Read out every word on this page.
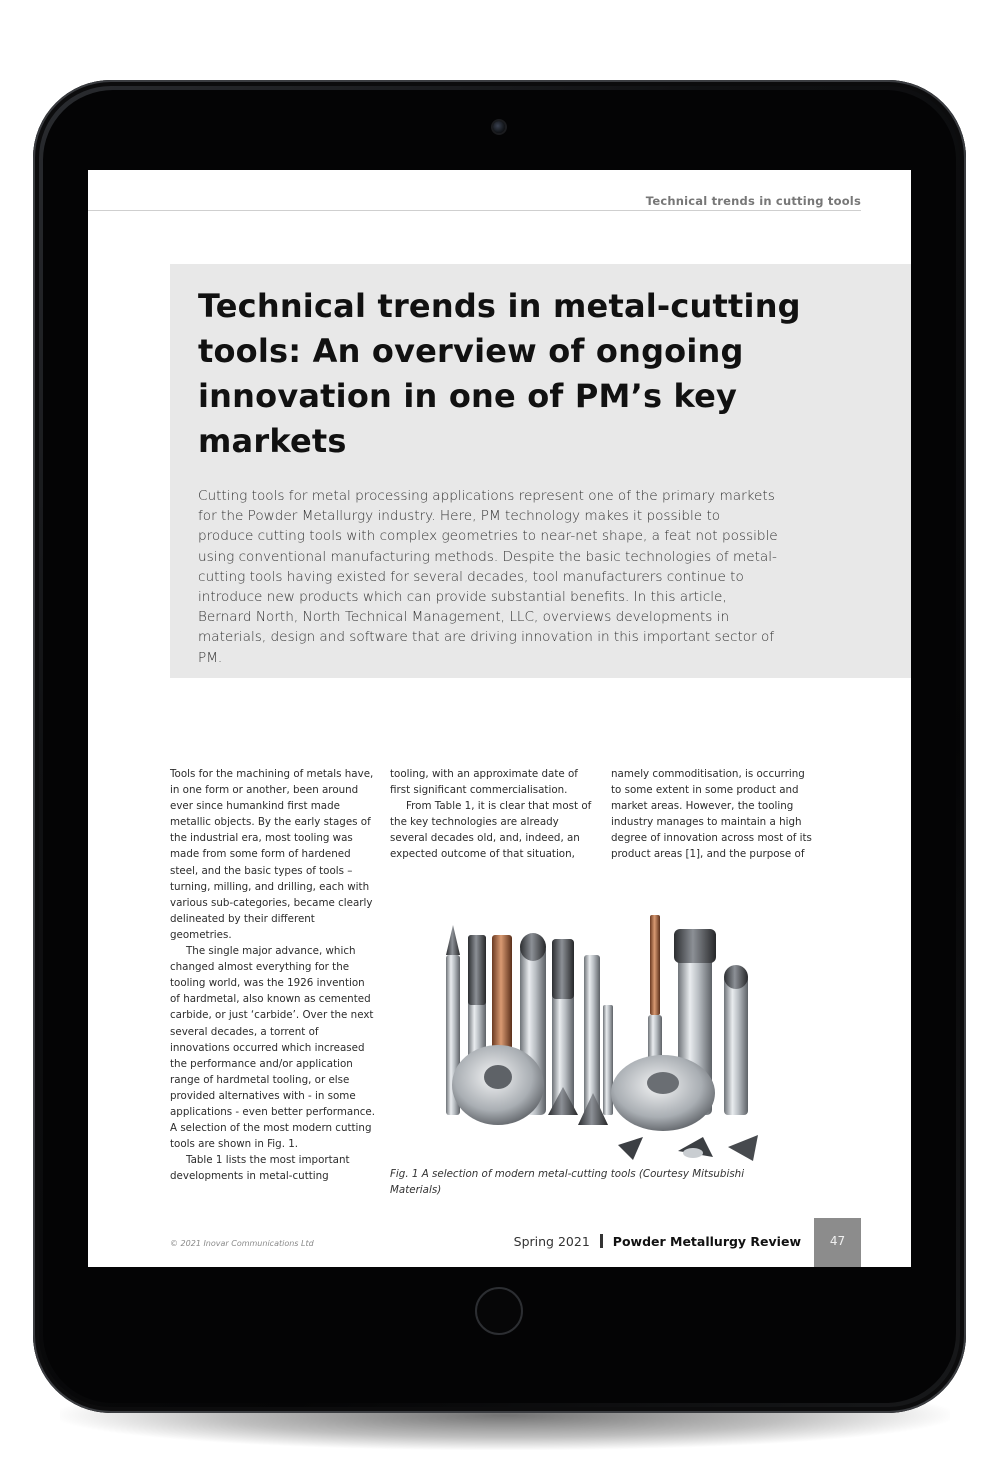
Technical trends in cutting tools
Technical trends in metal-cutting tools: An overview of ongoing innovation in one of PM’s key markets

Cutting tools for metal processing applications represent one of the primary markets for the Powder Metallurgy industry. Here, PM technology makes it possible to produce cutting tools with complex geometries to near-net shape, a feat not possible using conventional manufacturing methods. Despite the basic technologies of metal-cutting tools having existed for several decades, tool manufacturers continue to introduce new products which can provide substantial benefits. In this article, Bernard North, North Technical Management, LLC, overviews developments in materials, design and software that are driving innovation in this important sector of PM.

Tools for the machining of metals have, in one form or another, been around ever since humankind first made metallic objects. By the early stages of the industrial era, most tooling was made from some form of hardened steel, and the basic types of tools – turning, milling, and drilling, each with various sub-categories, became clearly delineated by their different geometries.

The single major advance, which changed almost everything for the tooling world, was the 1926 invention of hardmetal, also known as cemented carbide, or just ‘carbide’. Over the next several decades, a torrent of innovations occurred which increased the performance and/or application range of hardmetal tooling, or else provided alternatives with - in some applications - even better performance. A selection of the most modern cutting tools are shown in Fig. 1.

Table 1 lists the most important developments in metal-cutting

tooling, with an approximate date of first significant commercialisation.

From Table 1, it is clear that most of the key technologies are already several decades old, and, indeed, an expected outcome of that situation,

namely commoditisation, is occurring to some extent in some product and market areas. However, the tooling industry manages to maintain a high degree of innovation across most of its product areas [1], and the purpose of

Fig. 1 A selection of modern metal-cutting tools (Courtesy Mitsubishi Materials)

© 2021 Inovar Communications Ltd	Spring 2021 Powder Metallurgy Review	47
